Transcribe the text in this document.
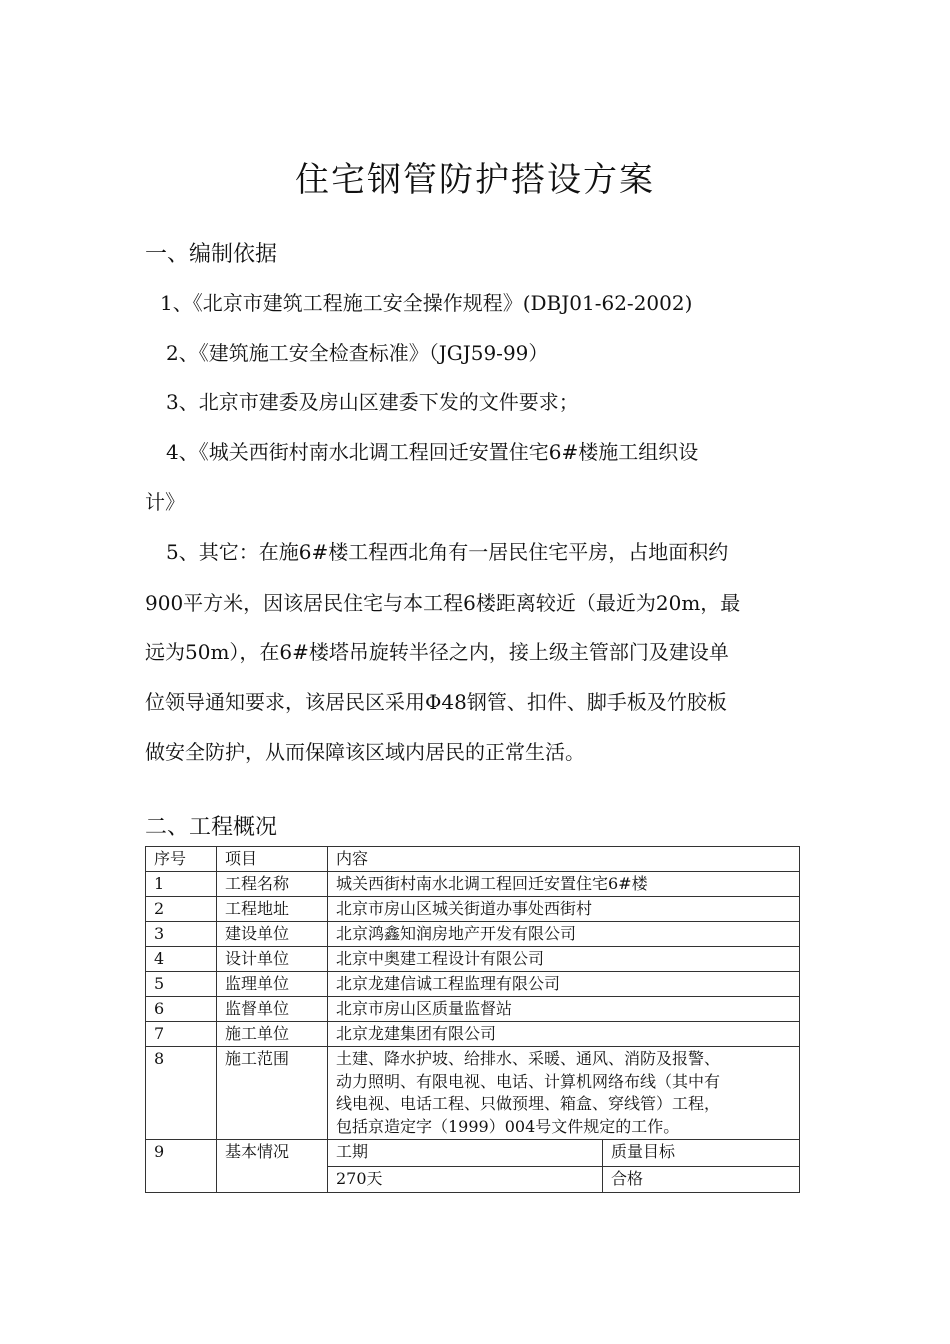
住宅钢管防护搭设方案
一、编制依据
1、《北京市建筑工程施工安全操作规程》(DBJ01-62-2002)
2、《建筑施工安全检查标准》（JGJ59-99）
3、北京市建委及房山区建委下发的文件要求；
4、《城关西街村南水北调工程回迁安置住宅6#楼施工组织设
计》
5、其它：在施6#楼工程西北角有一居民住宅平房，占地面积约
900平方米，因该居民住宅与本工程6楼距离较近（最近为20m，最
远为50m），在6#楼塔吊旋转半径之内，接上级主管部门及建设单
位领导通知要求，该居民区采用Φ48钢管、扣件、脚手板及竹胶板
做安全防护，从而保障该区域内居民的正常生活。
二、工程概况
序号	项目	内容	
1	工程名称	城关西街村南水北调工程回迁安置住宅6#楼	
2	工程地址	北京市房山区城关街道办事处西街村	
3	建设单位	北京鸿鑫知润房地产开发有限公司	
4	设计单位	北京中奥建工程设计有限公司	
5	监理单位	北京龙建信诚工程监理有限公司	
6	监督单位	北京市房山区质量监督站	
7	施工单位	北京龙建集团有限公司	
8	施工范围	土建、降水护坡、给排水、采暖、通风、消防及报警、
动力照明、有限电视、电话、计算机网络布线（其中有
线电视、电话工程、只做预埋、箱盒、穿线管）工程，
包括京造定字（1999）004号文件规定的工作。	

9	基本情况	工期	质量目标
		270天	合格
